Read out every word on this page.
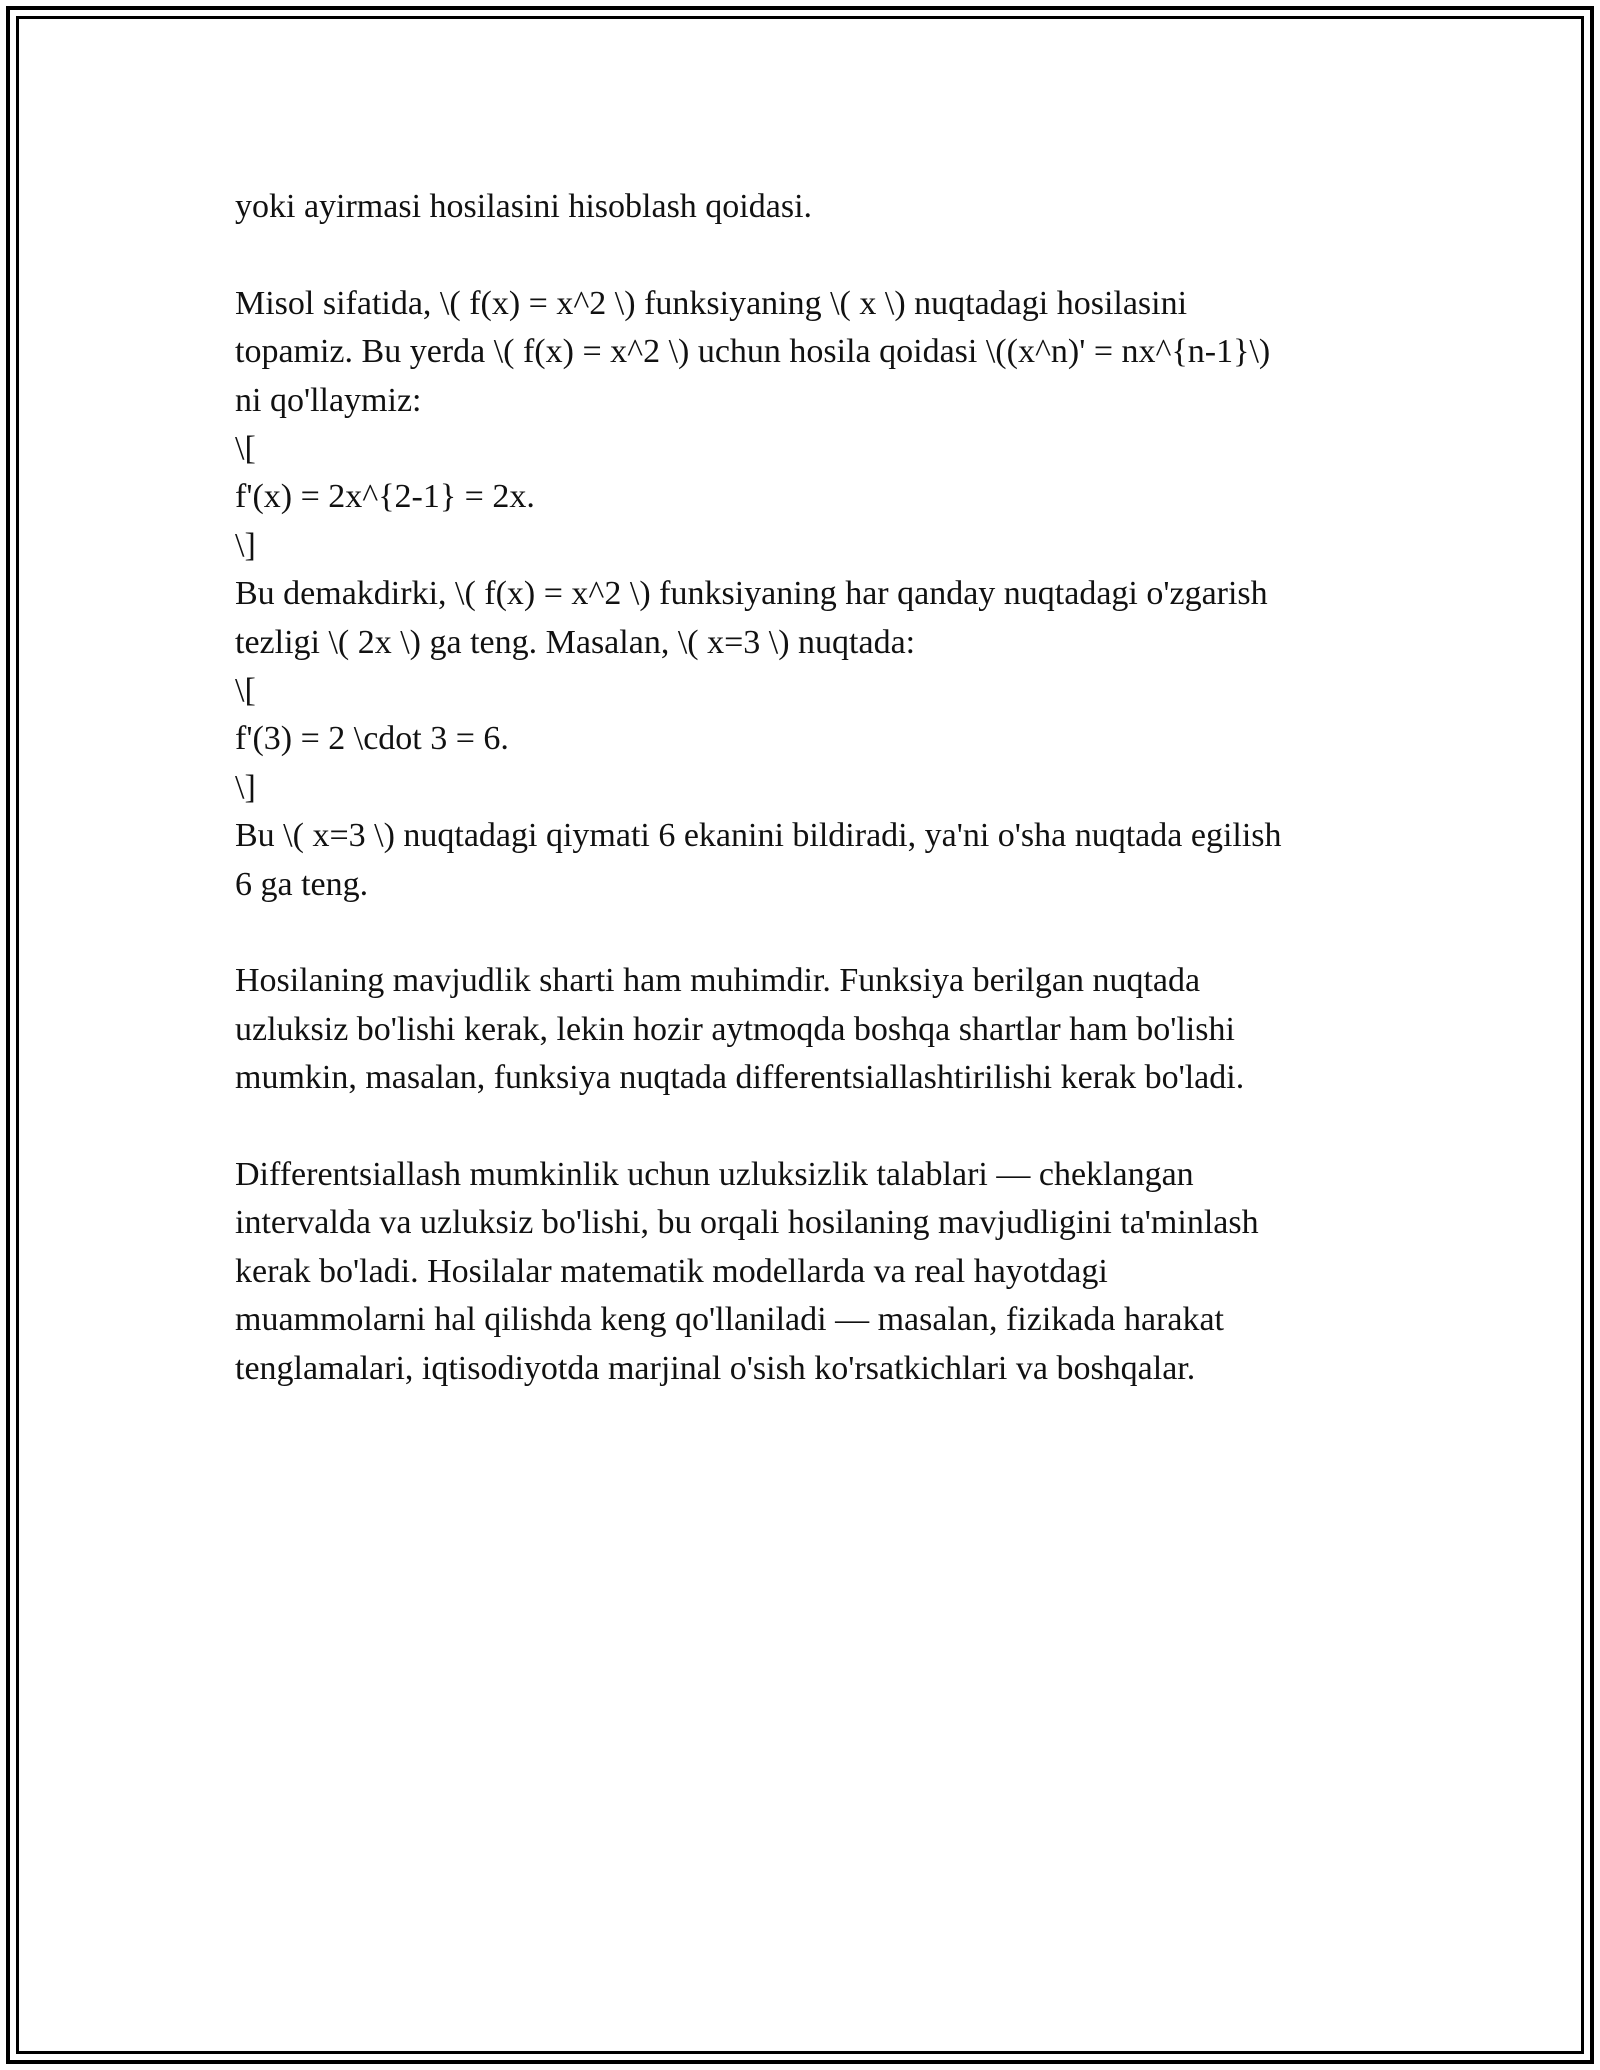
yoki ayirmasi hosilasini hisoblash qoidasi.

Misol sifatida, \( f(x) = x^2 \) funksiyaning \( x \) nuqtadagi hosilasini
topamiz. Bu yerda \( f(x) = x^2 \) uchun hosila qoidasi \((x^n)' = nx^{n-1}\)
ni qo'llaymiz:
\[
f'(x) = 2x^{2-1} = 2x.
\]
Bu demakdirki, \( f(x) = x^2 \) funksiyaning har qanday nuqtadagi o'zgarish
tezligi \( 2x \) ga teng. Masalan, \( x=3 \) nuqtada:
\[
f'(3) = 2 \cdot 3 = 6.
\]
Bu \( x=3 \) nuqtadagi qiymati 6 ekanini bildiradi, ya'ni o'sha nuqtada egilish
6 ga teng.

Hosilaning mavjudlik sharti ham muhimdir. Funksiya berilgan nuqtada
uzluksiz bo'lishi kerak, lekin hozir aytmoqda boshqa shartlar ham bo'lishi
mumkin, masalan, funksiya nuqtada differentsiallashtirilishi kerak bo'ladi.

Differentsiallash mumkinlik uchun uzluksizlik talablari — cheklangan
intervalda va uzluksiz bo'lishi, bu orqali hosilaning mavjudligini ta'minlash
kerak bo'ladi. Hosilalar matematik modellarda va real hayotdagi
muammolarni hal qilishda keng qo'llaniladi — masalan, fizikada harakat
tenglamalari, iqtisodiyotda marjinal o'sish ko'rsatkichlari va boshqalar.
